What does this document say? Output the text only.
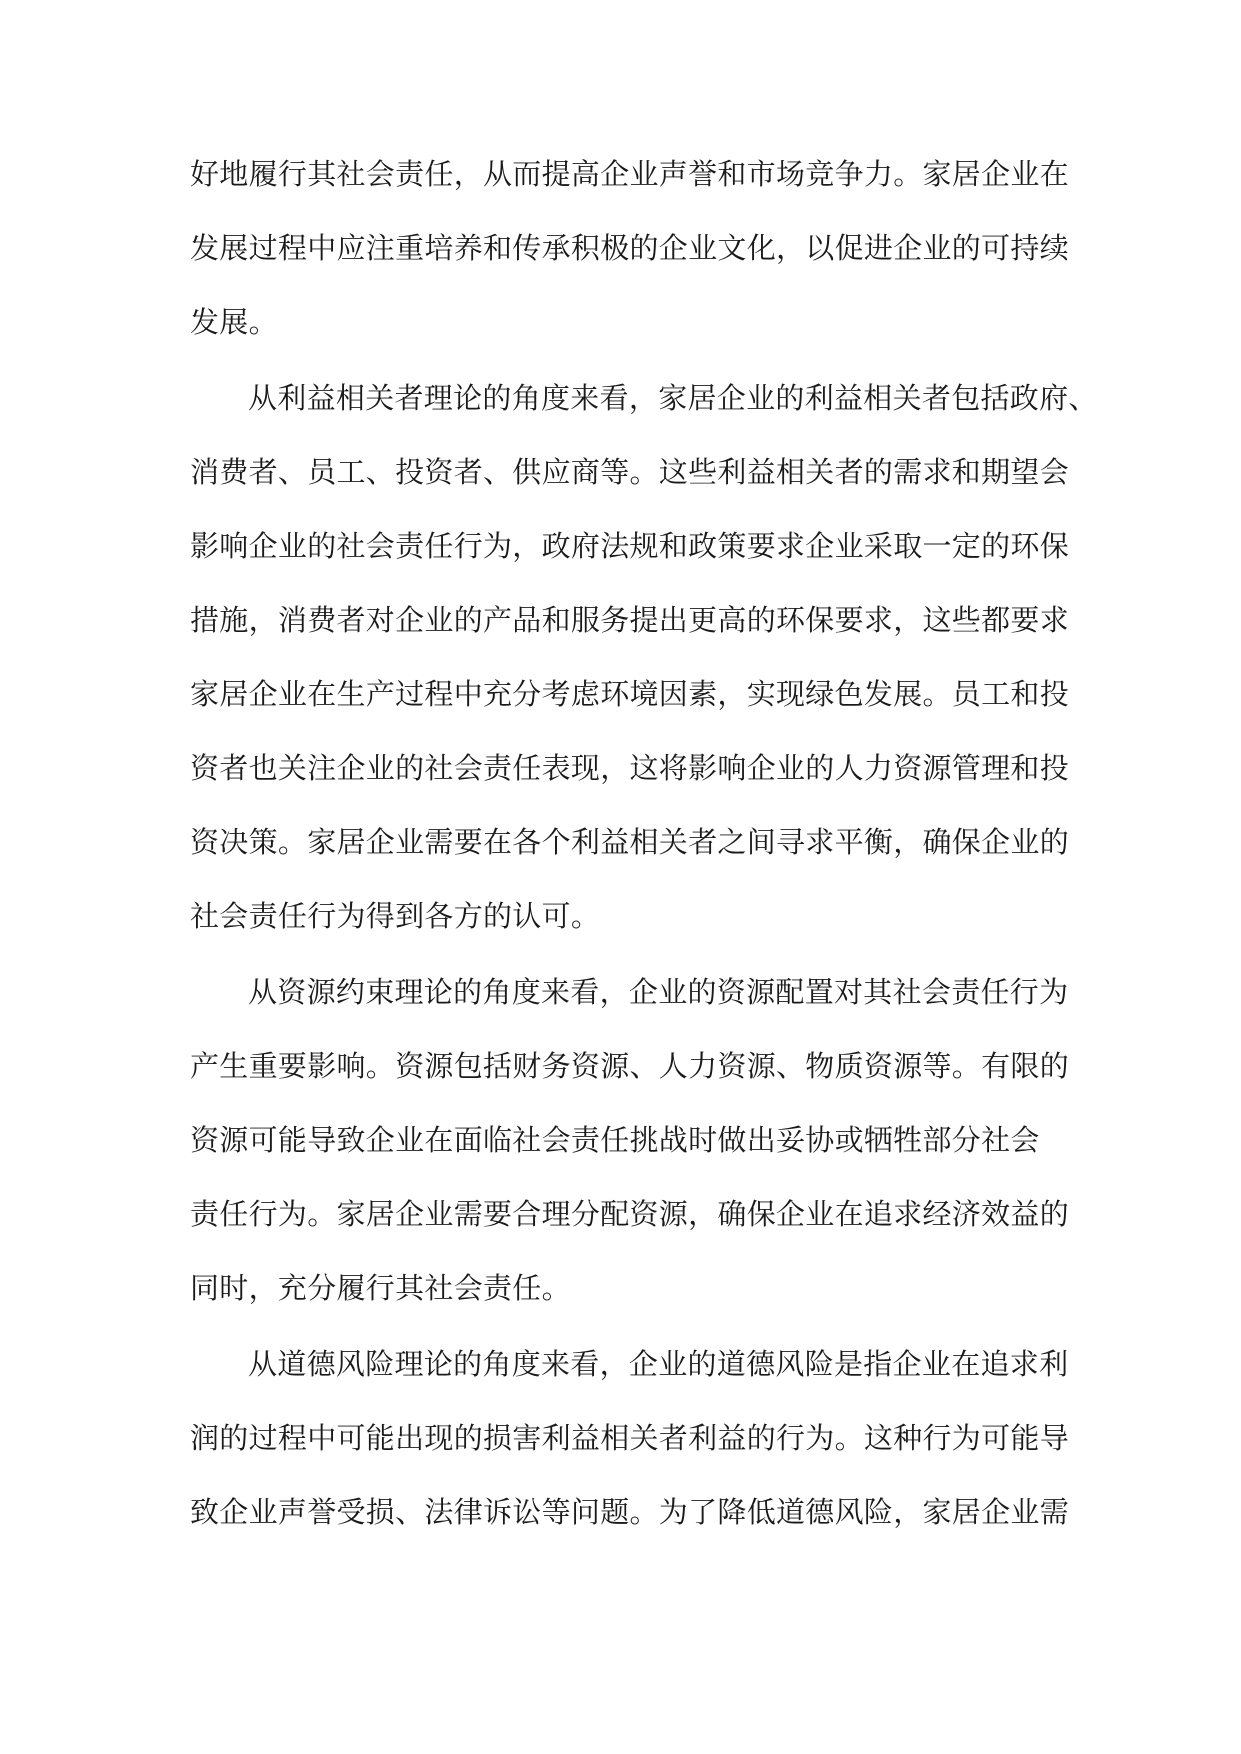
好地履行其社会责任，从而提高企业声誉和市场竞争力。家居企业在
发展过程中应注重培养和传承积极的企业文化，以促进企业的可持续
发展。
从利益相关者理论的角度来看，家居企业的利益相关者包括政府、
消费者、员工、投资者、供应商等。这些利益相关者的需求和期望会
影响企业的社会责任行为，政府法规和政策要求企业采取一定的环保
措施，消费者对企业的产品和服务提出更高的环保要求，这些都要求
家居企业在生产过程中充分考虑环境因素，实现绿色发展。员工和投
资者也关注企业的社会责任表现，这将影响企业的人力资源管理和投
资决策。家居企业需要在各个利益相关者之间寻求平衡，确保企业的
社会责任行为得到各方的认可。
从资源约束理论的角度来看，企业的资源配置对其社会责任行为
产生重要影响。资源包括财务资源、人力资源、物质资源等。有限的
资源可能导致企业在面临社会责任挑战时做出妥协或牺牲部分社会
责任行为。家居企业需要合理分配资源，确保企业在追求经济效益的
同时，充分履行其社会责任。
从道德风险理论的角度来看，企业的道德风险是指企业在追求利
润的过程中可能出现的损害利益相关者利益的行为。这种行为可能导
致企业声誉受损、法律诉讼等问题。为了降低道德风险，家居企业需
